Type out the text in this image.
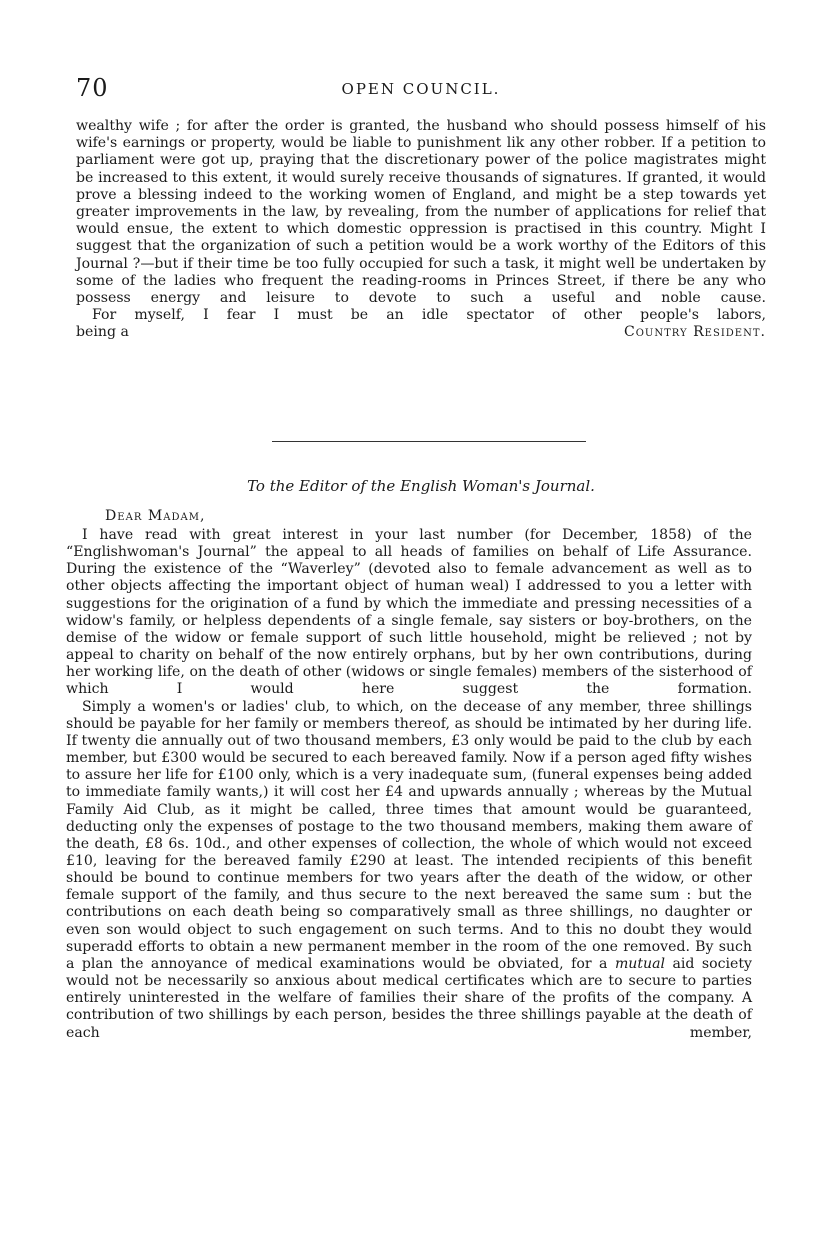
70	OPEN COUNCIL.

wealthy wife ; for after the order is granted, the husband who should possess himself of his wife's earnings or property, would be liable to punishment lik any other robber. If a petition to parliament were got up, praying that the discretionary power of the police magistrates might be increased to this extent, it would surely receive thousands of signatures. If granted, it would prove a blessing indeed to the working women of England, and might be a step towards yet greater improvements in the law, by revealing, from the number of applications for relief that would ensue, the extent to which domestic oppression is practised in this country. Might I suggest that the organization of such a petition would be a work worthy of the Editors of this Journal ?—but if their time be too fully occupied for such a task, it might well be undertaken by some of the ladies who frequent the reading-rooms in Princes Street, if there be any who possess energy and leisure to devote to such a useful and noble cause.

For myself, I fear I must be an idle spectator of other people's labors,

being a	Country Resident.

To the Editor of the English Woman's Journal.

Dear Madam,

I have read with great interest in your last number (for December, 1858) of the “Englishwoman's Journal” the appeal to all heads of families on behalf of Life Assurance. During the existence of the “Waverley” (devoted also to female advancement as well as to other objects affecting the important object of human weal) I addressed to you a letter with suggestions for the origination of a fund by which the immediate and pressing necessities of a widow's family, or helpless dependents of a single female, say sisters or boy-brothers, on the demise of the widow or female support of such little household, might be relieved ; not by appeal to charity on behalf of the now entirely orphans, but by her own contributions, during her working life, on the death of other (widows or single females) members of the sisterhood of which I would here suggest the formation.

Simply a women's or ladies' club, to which, on the decease of any member, three shillings should be payable for her family or members thereof, as should be intimated by her during life. If twenty die annually out of two thousand members, £3 only would be paid to the club by each member, but £300 would be secured to each bereaved family. Now if a person aged fifty wishes to assure her life for £100 only, which is a very inadequate sum, (funeral expenses being added to immediate family wants,) it will cost her £4 and upwards annually ; whereas by the Mutual Family Aid Club, as it might be called, three times that amount would be guaranteed, deducting only the expenses of postage to the two thousand members, making them aware of the death, £8 6s. 10d., and other expenses of collection, the whole of which would not exceed £10, leaving for the bereaved family £290 at least. The intended recipients of this benefit should be bound to continue members for two years after the death of the widow, or other female support of the family, and thus secure to the next bereaved the same sum : but the contributions on each death being so comparatively small as three shillings, no daughter or even son would object to such engagement on such terms. And to this no doubt they would superadd efforts to obtain a new permanent member in the room of the one removed. By such a plan the annoyance of medical examinations would be obviated, for a mutual aid society would not be necessarily so anxious about medical certificates which are to secure to parties entirely uninterested in the welfare of families their share of the profits of the company. A contribution of two shillings by each person, besides the three shillings payable at the death of each member,
